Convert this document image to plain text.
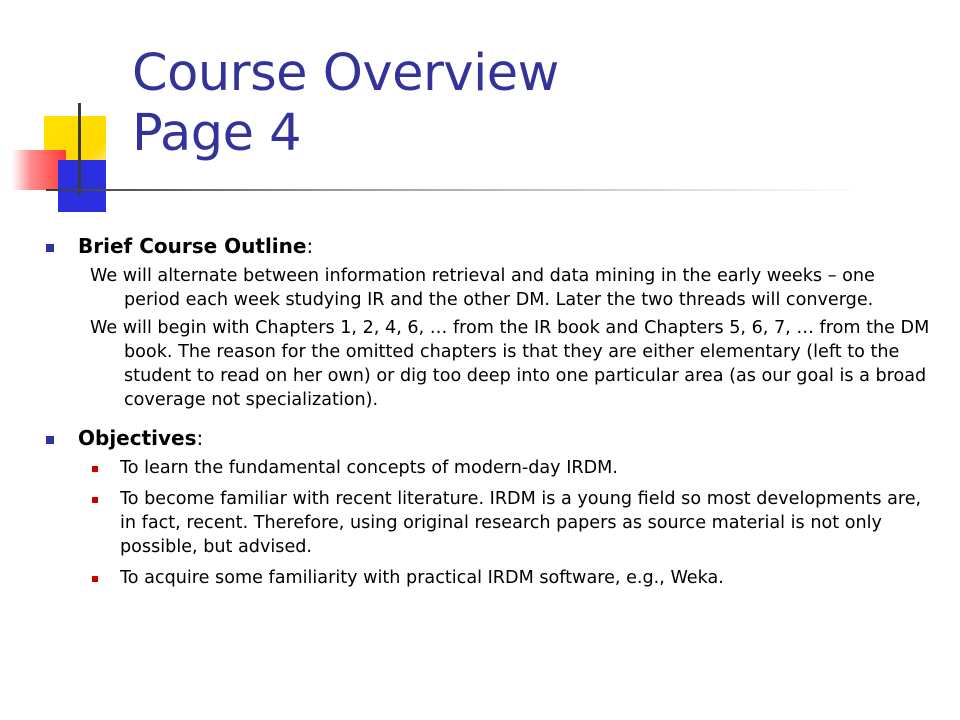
Course Overview
Page 4
Brief Course Outline:

We will alternate between information retrieval and data mining in the early weeks – one period each week studying IR and the other DM. Later the two threads will converge.

We will begin with Chapters 1, 2, 4, 6, … from the IR book and Chapters 5, 6, 7, … from the DM book. The reason for the omitted chapters is that they are either elementary (left to the student to read on her own) or dig too deep into one particular area (as our goal is a broad coverage not specialization).

Objectives:
To learn the fundamental concepts of modern-day IRDM.
To become familiar with recent literature. IRDM is a young field so most developments are, in fact, recent. Therefore, using original research papers as source material is not only possible, but advised.
To acquire some familiarity with practical IRDM software, e.g., Weka.
